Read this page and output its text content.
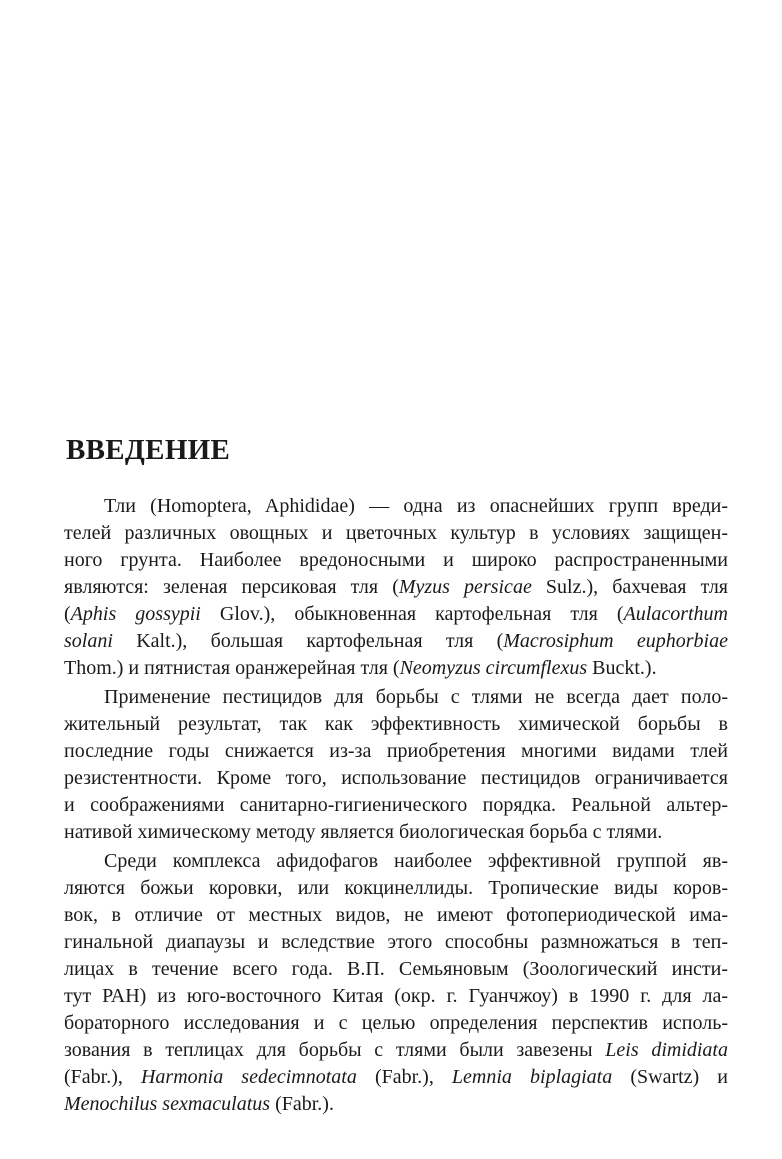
ВВЕДЕНИЕ
Тли (Homoptera, Aphididae) — одна из опаснейших групп вреди-
телей различных овощных и цветочных культур в условиях защищен-
ного грунта. Наиболее вредоносными и широко распространенными
являются: зеленая персиковая тля (Myzus persicae Sulz.), бахчевая тля
(Aphis gossypii Glov.), обыкновенная картофельная тля (Aulacorthum
solani Kalt.), большая картофельная тля (Macrosiphum euphorbiae
Thom.) и пятнистая оранжерейная тля (Neomyzus circumflexus Buckt.).
Применение пестицидов для борьбы с тлями не всегда дает поло-
жительный результат, так как эффективность химической борьбы в
последние годы снижается из-за приобретения многими видами тлей
резистентности. Кроме того, использование пестицидов ограничивается
и соображениями санитарно-гигиенического порядка. Реальной альтер-
нативой химическому методу является биологическая борьба с тлями.
Среди комплекса афидофагов наиболее эффективной группой яв-
ляются божьи коровки, или кокцинеллиды. Тропические виды коров-
вок, в отличие от местных видов, не имеют фотопериодической има-
гинальной диапаузы и вследствие этого способны размножаться в теп-
лицах в течение всего года. В.П. Семьяновым (Зоологический инсти-
тут РАН) из юго-восточного Китая (окр. г. Гуанчжоу) в 1990 г. для ла-
бораторного исследования и с целью определения перспектив исполь-
зования в теплицах для борьбы с тлями были завезены Leis dimidiata
(Fabr.), Harmonia sedecimnotata (Fabr.), Lemnia biplagiata (Swartz) и
Menochilus sexmaculatus (Fabr.).
